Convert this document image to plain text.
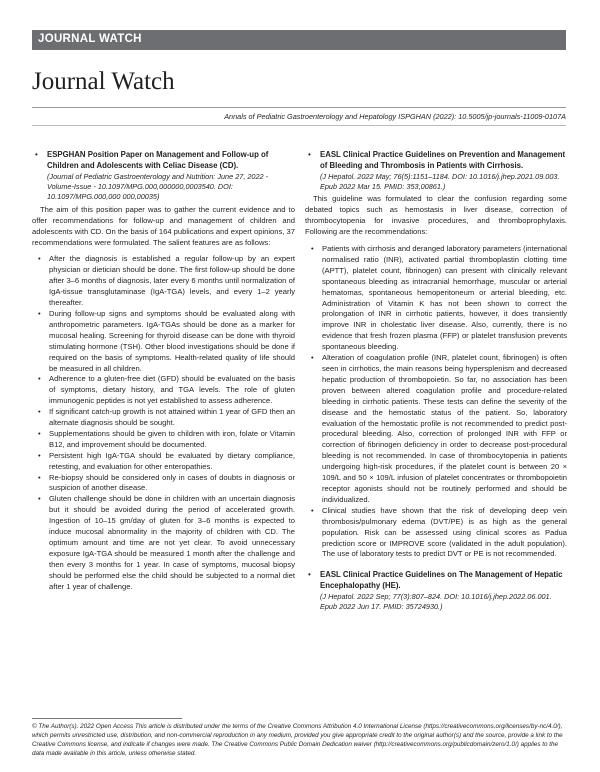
JOURNAL WATCH
Journal Watch
Annals of Pediatric Gastroenterology and Hepatology ISPGHAN (2022): 10.5005/jp-journals-11009-0107A
• ESPGHAN Position Paper on Management and Follow-up of Children and Adolescents with Celiac Disease (CD).
(Journal of Pediatric Gastroenterology and Nutrition: June 27, 2022 - Volume-Issue - 10.1097/MPG.000,000000,0003540. DOI: 10.1097/MPG.000,000 000,00035)

The aim of this position paper was to gather the current evidence and to offer recommendations for follow-up and management of children and adolescents with CD. On the basis of 164 publications and expert opinions, 37 recommendations were formulated. The salient features are as follows:

• After the diagnosis is established a regular follow-up by an expert physician or dietician should be done. The first follow-up should be done after 3–6 months of diagnosis, later every 6 months until normalization of IgA-tissue transglutaminase (IgA-TGA) levels, and every 1–2 yearly thereafter.
• During follow-up signs and symptoms should be evaluated along with anthropometric parameters. IgA-TGAs should be done as a marker for mucosal healing. Screening for thyroid disease can be done with thyroid stimulating hormone (TSH). Other blood investigations should be done if required on the basis of symptoms. Health-related quality of life should be measured in all children.
• Adherence to a gluten-free diet (GFD) should be evaluated on the basis of symptoms, dietary history, and TGA levels. The role of gluten immunogenic peptides is not yet established to assess adherence.
• If significant catch-up growth is not attained within 1 year of GFD then an alternate diagnosis should be sought.
• Supplementations should be given to children with iron, folate or Vitamin B12, and improvement should be documented.
• Persistent high IgA-TGA should be evaluated by dietary compliance, retesting, and evaluation for other enteropathies.
• Re-biopsy should be considered only in cases of doubts in diagnosis or suspicion of another disease.
• Gluten challenge should be done in children with an uncertain diagnosis but it should be avoided during the period of accelerated growth. Ingestion of 10–15 gm/day of gluten for 3–6 months is expected to induce mucosal abnormality in the majority of children with CD. The optimum amount and time are not yet clear. To avoid unnecessary exposure IgA-TGA should be measured 1 month after the challenge and then every 3 months for 1 year. In case of symptoms, mucosal biopsy should be performed else the child should be subjected to a normal diet after 1 year of challenge.
• EASL Clinical Practice Guidelines on Prevention and Management of Bleeding and Thrombosis in Patients with Cirrhosis.
(J Hepatol. 2022 May; 76(5):1151–1184. DOI: 10.1016/j.jhep.2021.09.003. Epub 2022 Mar 15. PMID: 353,00861.)

This guideline was formulated to clear the confusion regarding some debated topics such as hemostasis in liver disease, correction of thrombocytopenia for invasive procedures, and thromboprophylaxis. Following are the recommendations:

• Patients with cirrhosis and deranged laboratory parameters (international normalised ratio (INR), activated partial thromboplastin clotting time (APTT), platelet count, fibrinogen) can present with clinically relevant spontaneous bleeding as intracranial hemorrhage, muscular or arterial hematomas, spontaneous hemoperitoneum or arterial bleeding, etc. Administration of Vitamin K has not been shown to correct the prolongation of INR in cirrhotic patients, however, it does transiently improve INR in cholestatic liver disease. Also, currently, there is no evidence that fresh frozen plasma (FFP) or platelet transfusion prevents spontaneous bleeding.
• Alteration of coagulation profile (INR, platelet count, fibrinogen) is often seen in cirrhotics, the main reasons being hypersplenism and decreased hepatic production of thrombopoietin. So far, no association has been proven between altered coagulation profile and procedure-related bleeding in cirrhotic patients. These tests can define the severity of the disease and the hemostatic status of the patient. So, laboratory evaluation of the hemostatic profile is not recommended to predict post-procedural bleeding. Also, correction of prolonged INR with FFP or correction of fibrinogen deficiency in order to decrease post-procedural bleeding is not recommended. In case of thrombocytopenia in patients undergoing high-risk procedures, if the platelet count is between 20 × 109/L and 50 × 109/L infusion of platelet concentrates or thrombopoietin receptor agonists should not be routinely performed and should be individualized.
• Clinical studies have shown that the risk of developing deep vein thrombosis/pulmonary edema (DVT/PE) is as high as the general population. Risk can be assessed using clinical scores as Padua prediction score or IMPROVE score (validated in the adult population). The use of laboratory tests to predict DVT or PE is not recommended.
• EASL Clinical Practice Guidelines on The Management of Hepatic Encephalopathy (HE).
(J Hepatol. 2022 Sep; 77(3):807–824. DOI: 10.1016/j.jhep.2022.06.001. Epub 2022 Jun 17. PMID: 35724930.)
© The Author(s). 2022 Open Access This article is distributed under the terms of the Creative Commons Attribution 4.0 International License (https://creativecommons.org/licenses/by-nc/4.0/), which permits unrestricted use, distribution, and non-commercial reproduction in any medium, provided you give appropriate credit to the original author(s) and the source, provide a link to the Creative Commons license, and indicate if changes were made. The Creative Commons Public Domain Dedication waiver (http://creativecommons.org/publicdomain/zero/1.0/) applies to the data made available in this article, unless otherwise stated.
